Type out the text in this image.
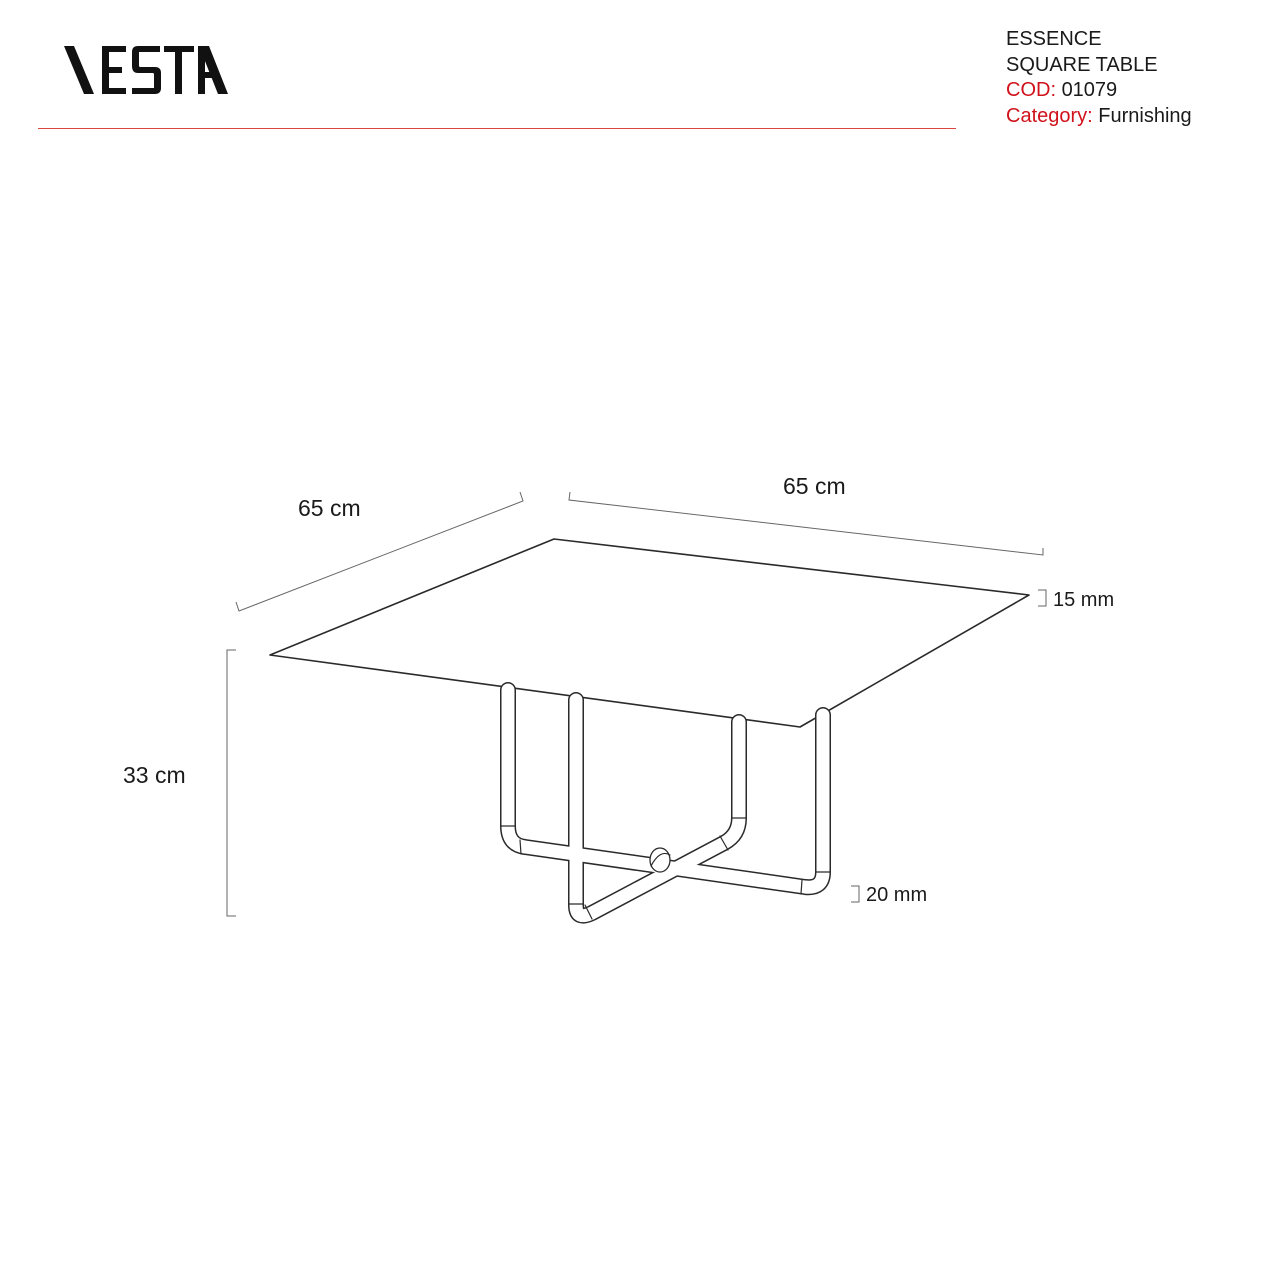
ESSENCE
SQUARE TABLE
COD: 01079
Category: Furnishing
65 cm
65 cm
33 cm
15 mm
20 mm
